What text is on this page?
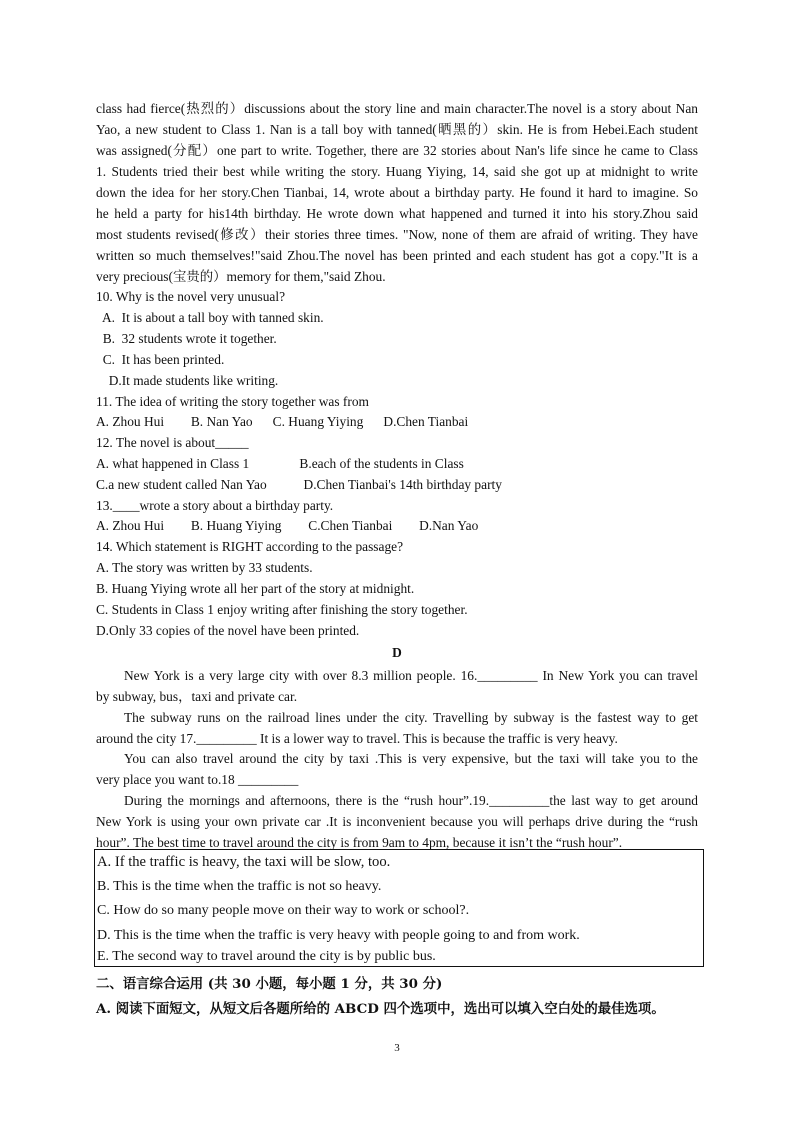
class had fierce(热烈的）discussions about the story line and main character.The novel is a story about Nan
Yao, a new student to Class 1. Nan is a tall boy with tanned(晒黑的）skin. He is from Hebei.Each student
was assigned(分配）one part to write. Together, there are 32 stories about Nan's life since he came to Class
1. Students tried their best while writing the story. Huang Yiying, 14, said she got up at midnight to write
down the idea for her story.Chen Tianbai, 14, wrote about a birthday party. He found it hard to imagine. So
he held a party for his14th birthday. He wrote down what happened and turned it into his story.Zhou said
most students revised(修改）their stories three times. "Now, none of them are afraid of writing. They have
written so much themselves!"said Zhou.The novel has been printed and each student has got a copy."It is a
very precious(宝贵的）memory for them,"said Zhou.
10. Why is the novel very unusual?
A.  It is about a tall boy with tanned skin.
B.  32 students wrote it together.
C.  It has been printed.
D.It made students like writing.
11. The idea of writing the story together was from
A. Zhou Hui        B. Nan Yao      C. Huang Yiying      D.Chen Tianbai
12. The novel is about_____
A. what happened in Class 1               B.each of the students in Class
C.a new student called Nan Yao           D.Chen Tianbai's 14th birthday party
13.____wrote a story about a birthday party.
A. Zhou Hui        B. Huang Yiying        C.Chen Tianbai        D.Nan Yao
14. Which statement is RIGHT according to the passage?
A. The story was written by 33 students.
B. Huang Yiying wrote all her part of the story at midnight.
C. Students in Class 1 enjoy writing after finishing the story together.
D.Only 33 copies of the novel have been printed.
D
New York is a very large city with over 8.3 million people. 16._________ In New York you can travel
by subway, bus，taxi and private car.
The subway runs on the railroad lines under the city. Travelling by subway is the fastest way to get
around the city 17._________ It is a lower way to travel. This is because the traffic is very heavy.
You can also travel around the city by taxi .This is very expensive, but the taxi will take you to the
very place you want to.18 _________
During the mornings and afternoons, there is the “rush hour”.19._________the last way to get around
New York is using your own private car .It is inconvenient because you will perhaps drive during the “rush
hour”. The best time to travel around the city is from 9am to 4pm, because it isn’t the “rush hour”.
A. If the traffic is heavy, the taxi will be slow, too.
B. This is the time when the traffic is not so heavy.
C. How do so many people move on their way to work or school?.
D. This is the time when the traffic is very heavy with people going to and from work.
E. The second way to travel around the city is by public bus.
二、语言综合运用 (共 30 小题，每小题 1 分，共 30 分)
A. 阅读下面短文，从短文后各题所给的 ABCD 四个选项中，选出可以填入空白处的最佳选项。
3
